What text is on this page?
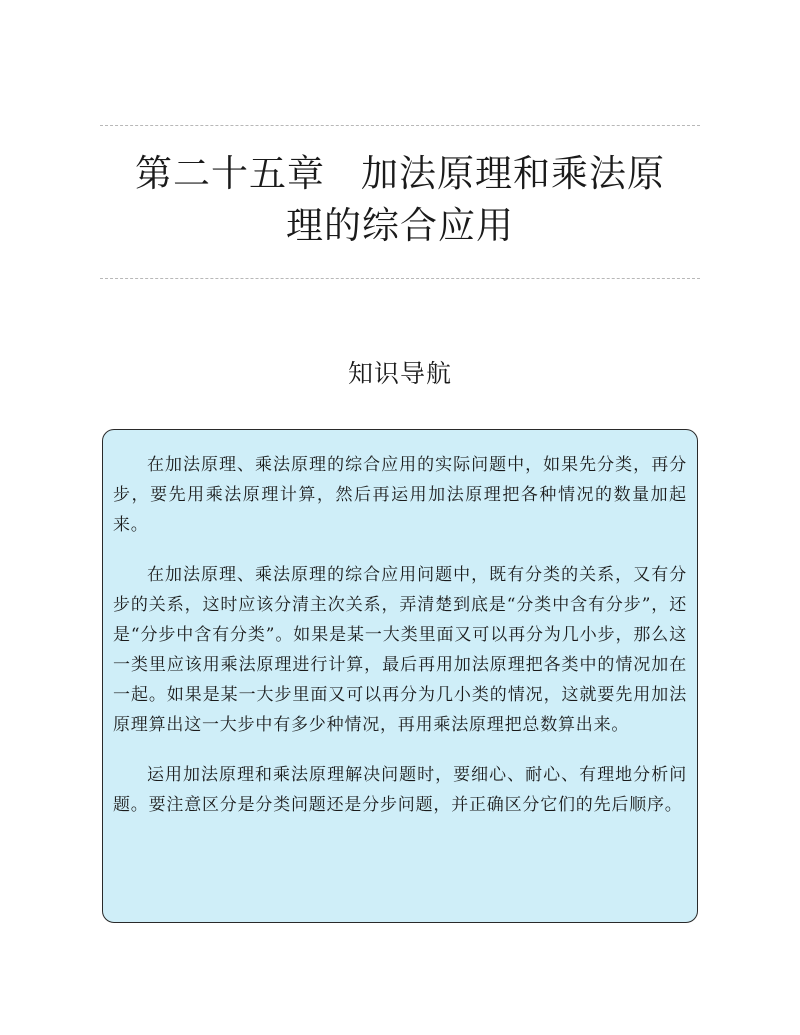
第二十五章 加法原理和乘法原
理的综合应用
知识导航

在加法原理、乘法原理的综合应用的实际问题中，如果先分类，再分步，要先用乘法原理计算，然后再运用加法原理把各种情况的数量加起来。

在加法原理、乘法原理的综合应用问题中，既有分类的关系，又有分步的关系，这时应该分清主次关系，弄清楚到底是“分类中含有分步”，还是“分步中含有分类”。如果是某一大类里面又可以再分为几小步，那么这一类里应该用乘法原理进行计算，最后再用加法原理把各类中的情况加在一起。如果是某一大步里面又可以再分为几小类的情况，这就要先用加法原理算出这一大步中有多少种情况，再用乘法原理把总数算出来。

运用加法原理和乘法原理解决问题时，要细心、耐心、有理地分析问题。要注意区分是分类问题还是分步问题，并正确区分它们的先后顺序。
